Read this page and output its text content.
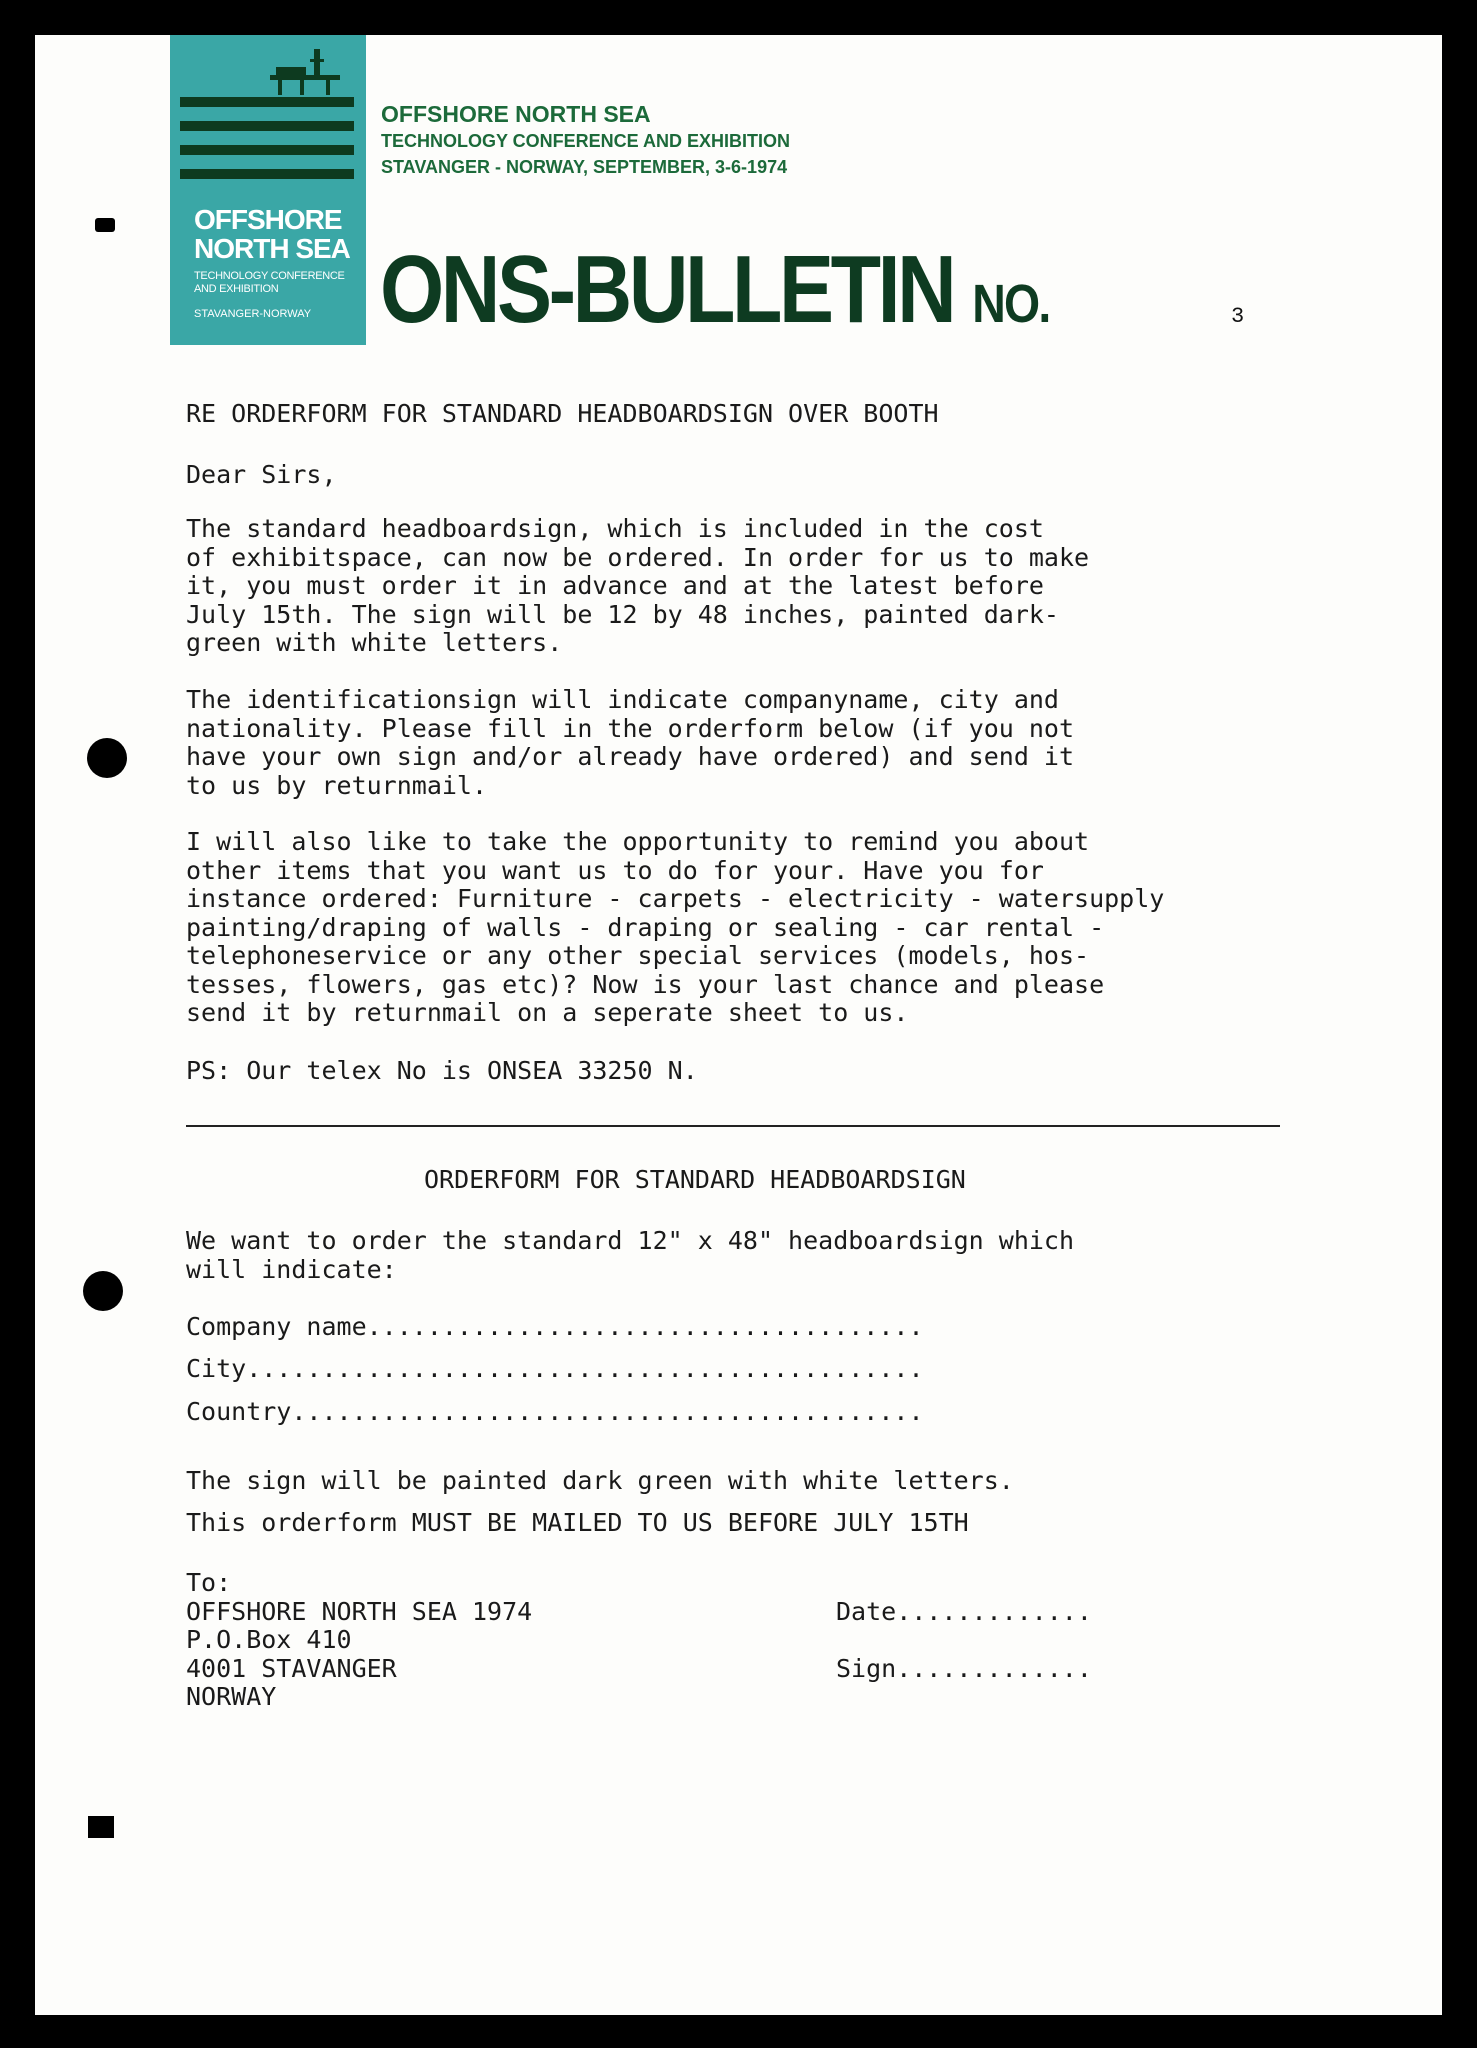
OFFSHORE
NORTH SEA
TECHNOLOGY CONFERENCE
AND EXHIBITION
STAVANGER-NORWAY
OFFSHORE NORTH SEA
TECHNOLOGY CONFERENCE AND EXHIBITION
STAVANGER - NORWAY, SEPTEMBER, 3-6-1974
ONS-BULLETIN NO.	3
RE ORDERFORM FOR STANDARD HEADBOARDSIGN OVER BOOTH
Dear Sirs,
The standard headboardsign, which is included in the cost
of exhibitspace, can now be ordered. In order for us to make
it, you must order it in advance and at the latest before
July 15th. The sign will be 12 by 48 inches, painted dark-
green with white letters.
The identificationsign will indicate companyname, city and
nationality. Please fill in the orderform below (if you not
have your own sign and/or already have ordered) and send it
to us by returnmail.
I will also like to take the opportunity to remind you about
other items that you want us to do for your. Have you for
instance ordered: Furniture - carpets - electricity - watersupply
painting/draping of walls - draping or sealing - car rental -
telephoneservice or any other special services (models, hos-
tesses, flowers, gas etc)? Now is your last chance and please
send it by returnmail on a seperate sheet to us.
PS: Our telex No is ONSEA 33250 N.
ORDERFORM FOR STANDARD HEADBOARDSIGN
We want to order the standard 12" x 48" headboardsign which
will indicate:
Company name.....................................
City.............................................
Country..........................................
The sign will be painted dark green with white letters.
This orderform MUST BE MAILED TO US BEFORE JULY 15TH
To:
OFFSHORE NORTH SEA 1974
P.O.Box 410
4001 STAVANGER
NORWAY
Date.............
Sign.............
